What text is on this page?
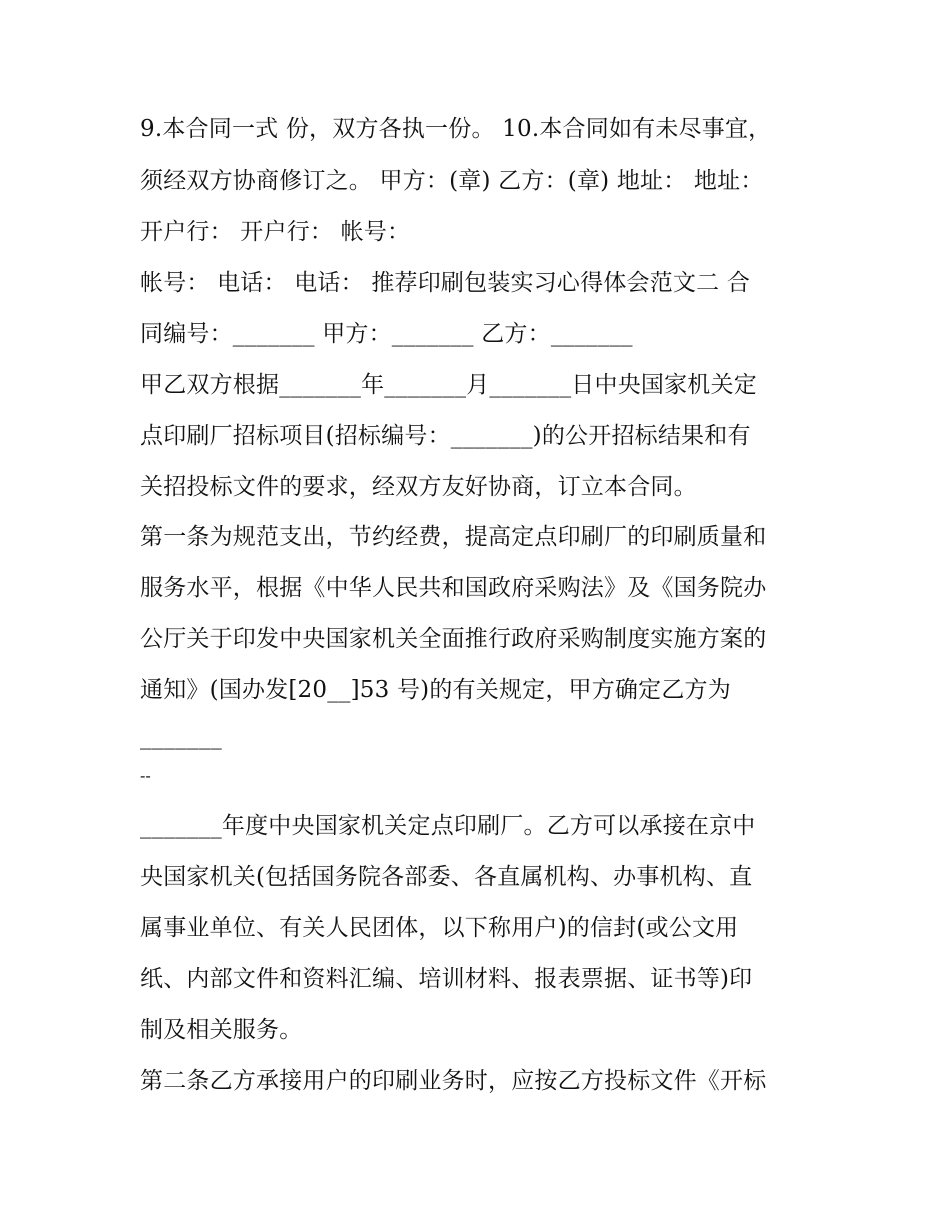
9.本合同一式 份，双方各执一份。 10.本合同如有未尽事宜，
须经双方协商修订之。 甲方：(章) 乙方：(章) 地址： 地址：
开户行： 开户行： 帐号：
帐号： 电话： 电话： 推荐印刷包装实习心得体会范文二 合
同编号：_______ 甲方：_______ 乙方：_______
甲乙双方根据_______年_______月_______日中央国家机关定
点印刷厂招标项目(招标编号：_______)的公开招标结果和有
关招投标文件的要求，经双方友好协商，订立本合同。
第一条为规范支出，节约经费，提高定点印刷厂的印刷质量和
服务水平，根据《中华人民共和国政府采购法》及《国务院办
公厅关于印发中央国家机关全面推行政府采购制度实施方案的
通知》(国办发[20__]53 号)的有关规定，甲方确定乙方为
_______
--
_______年度中央国家机关定点印刷厂。乙方可以承接在京中
央国家机关(包括国务院各部委、各直属机构、办事机构、直
属事业单位、有关人民团体，以下称用户)的信封(或公文用
纸、内部文件和资料汇编、培训材料、报表票据、证书等)印
制及相关服务。
第二条乙方承接用户的印刷业务时，应按乙方投标文件《开标
